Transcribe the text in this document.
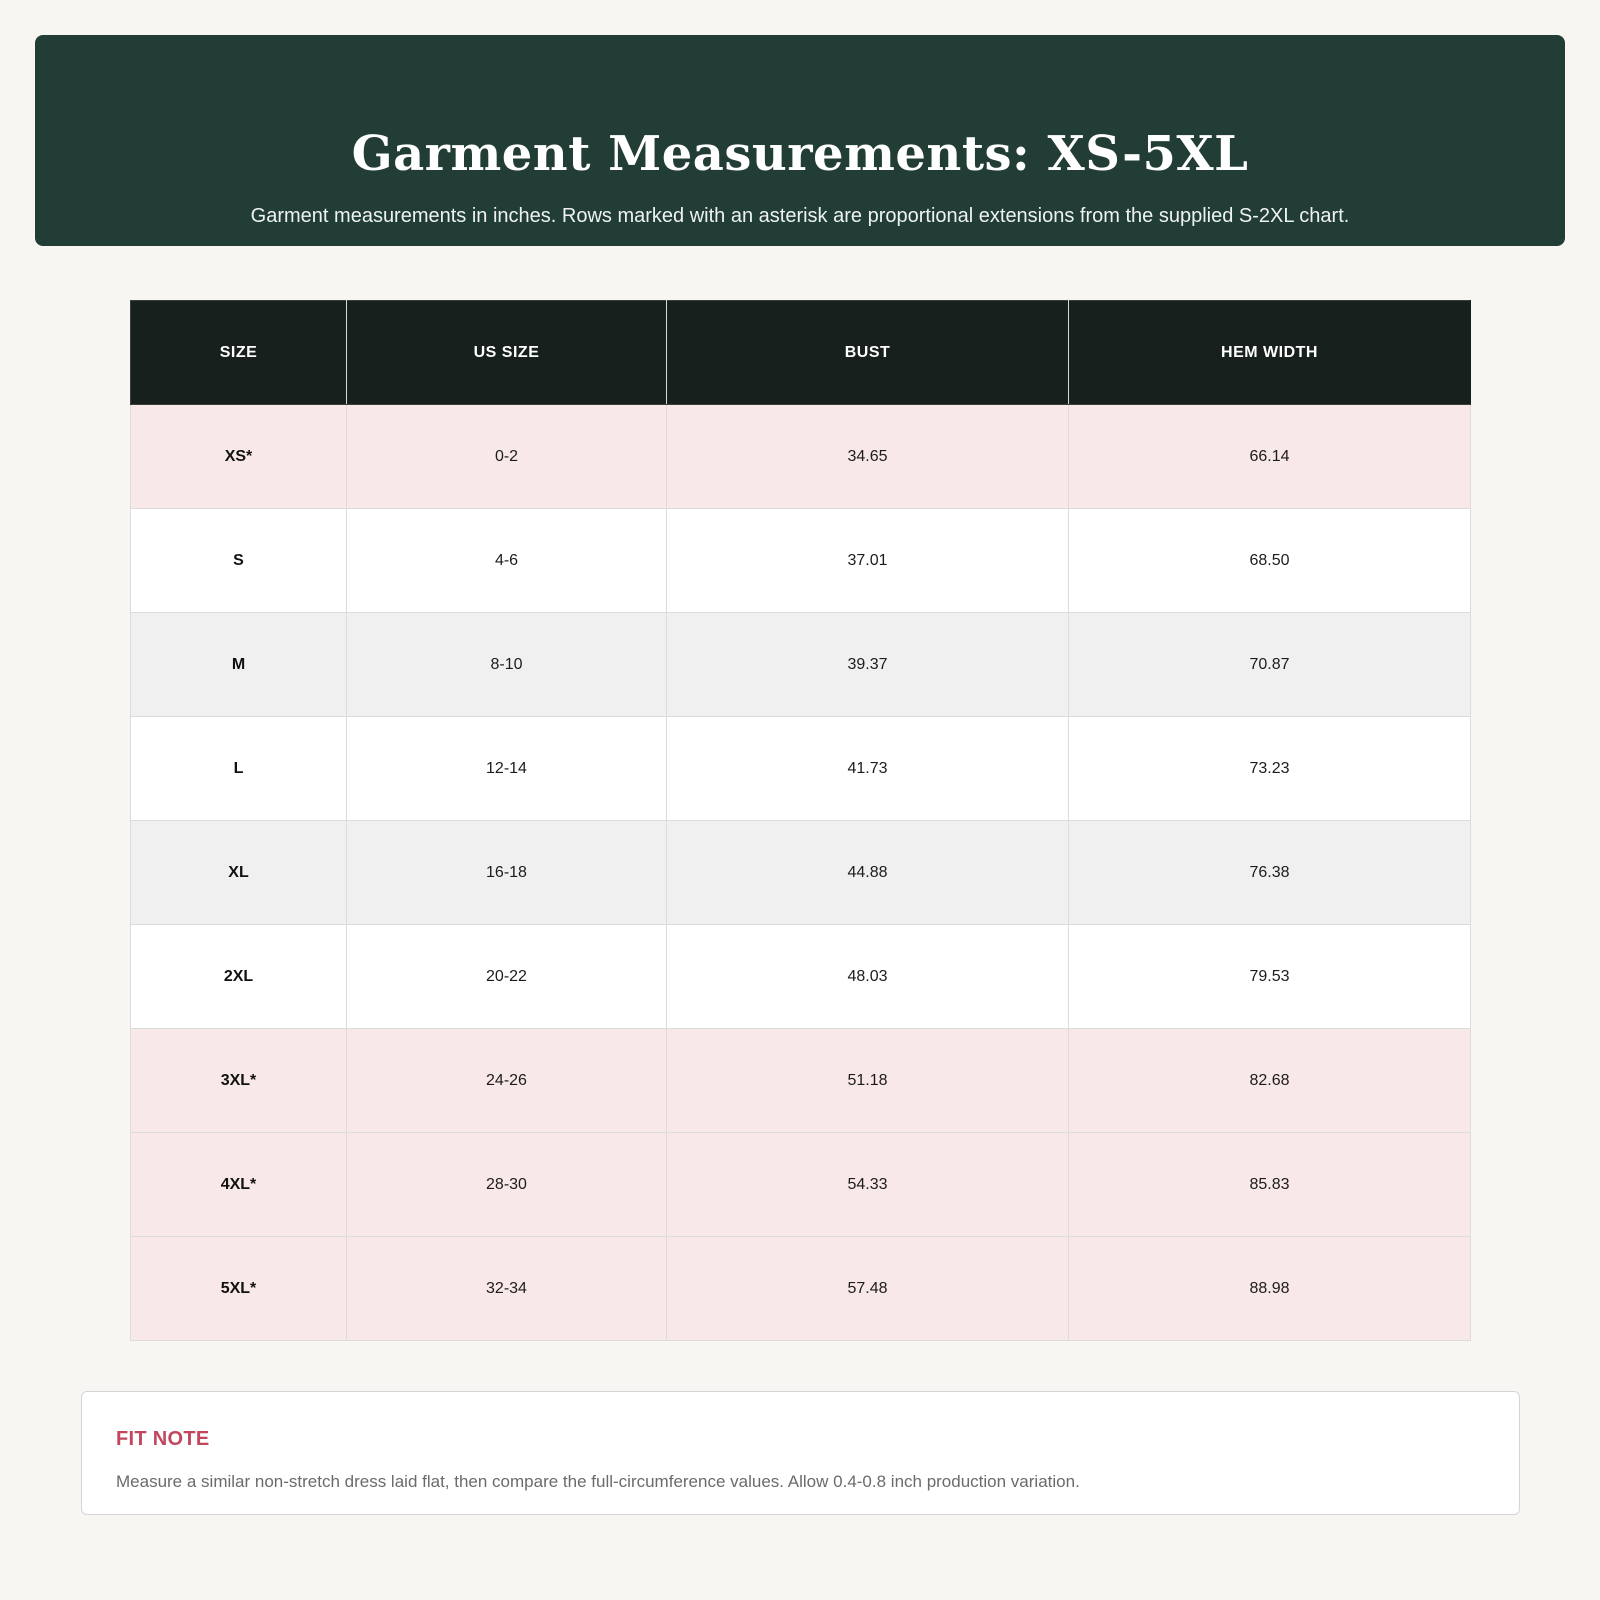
Garment Measurements: XS-5XL

Garment measurements in inches. Rows marked with an asterisk are proportional extensions from the supplied S-2XL chart.

SIZE	US SIZE	BUST	HEM WIDTH
XS*	0-2	34.65	66.14
S	4-6	37.01	68.50
M	8-10	39.37	70.87
L	12-14	41.73	73.23
XL	16-18	44.88	76.38
2XL	20-22	48.03	79.53
3XL*	24-26	51.18	82.68
4XL*	28-30	54.33	85.83
5XL*	32-34	57.48	88.98
FIT NOTE
Measure a similar non-stretch dress laid flat, then compare the full-circumference values. Allow 0.4-0.8 inch production variation.
